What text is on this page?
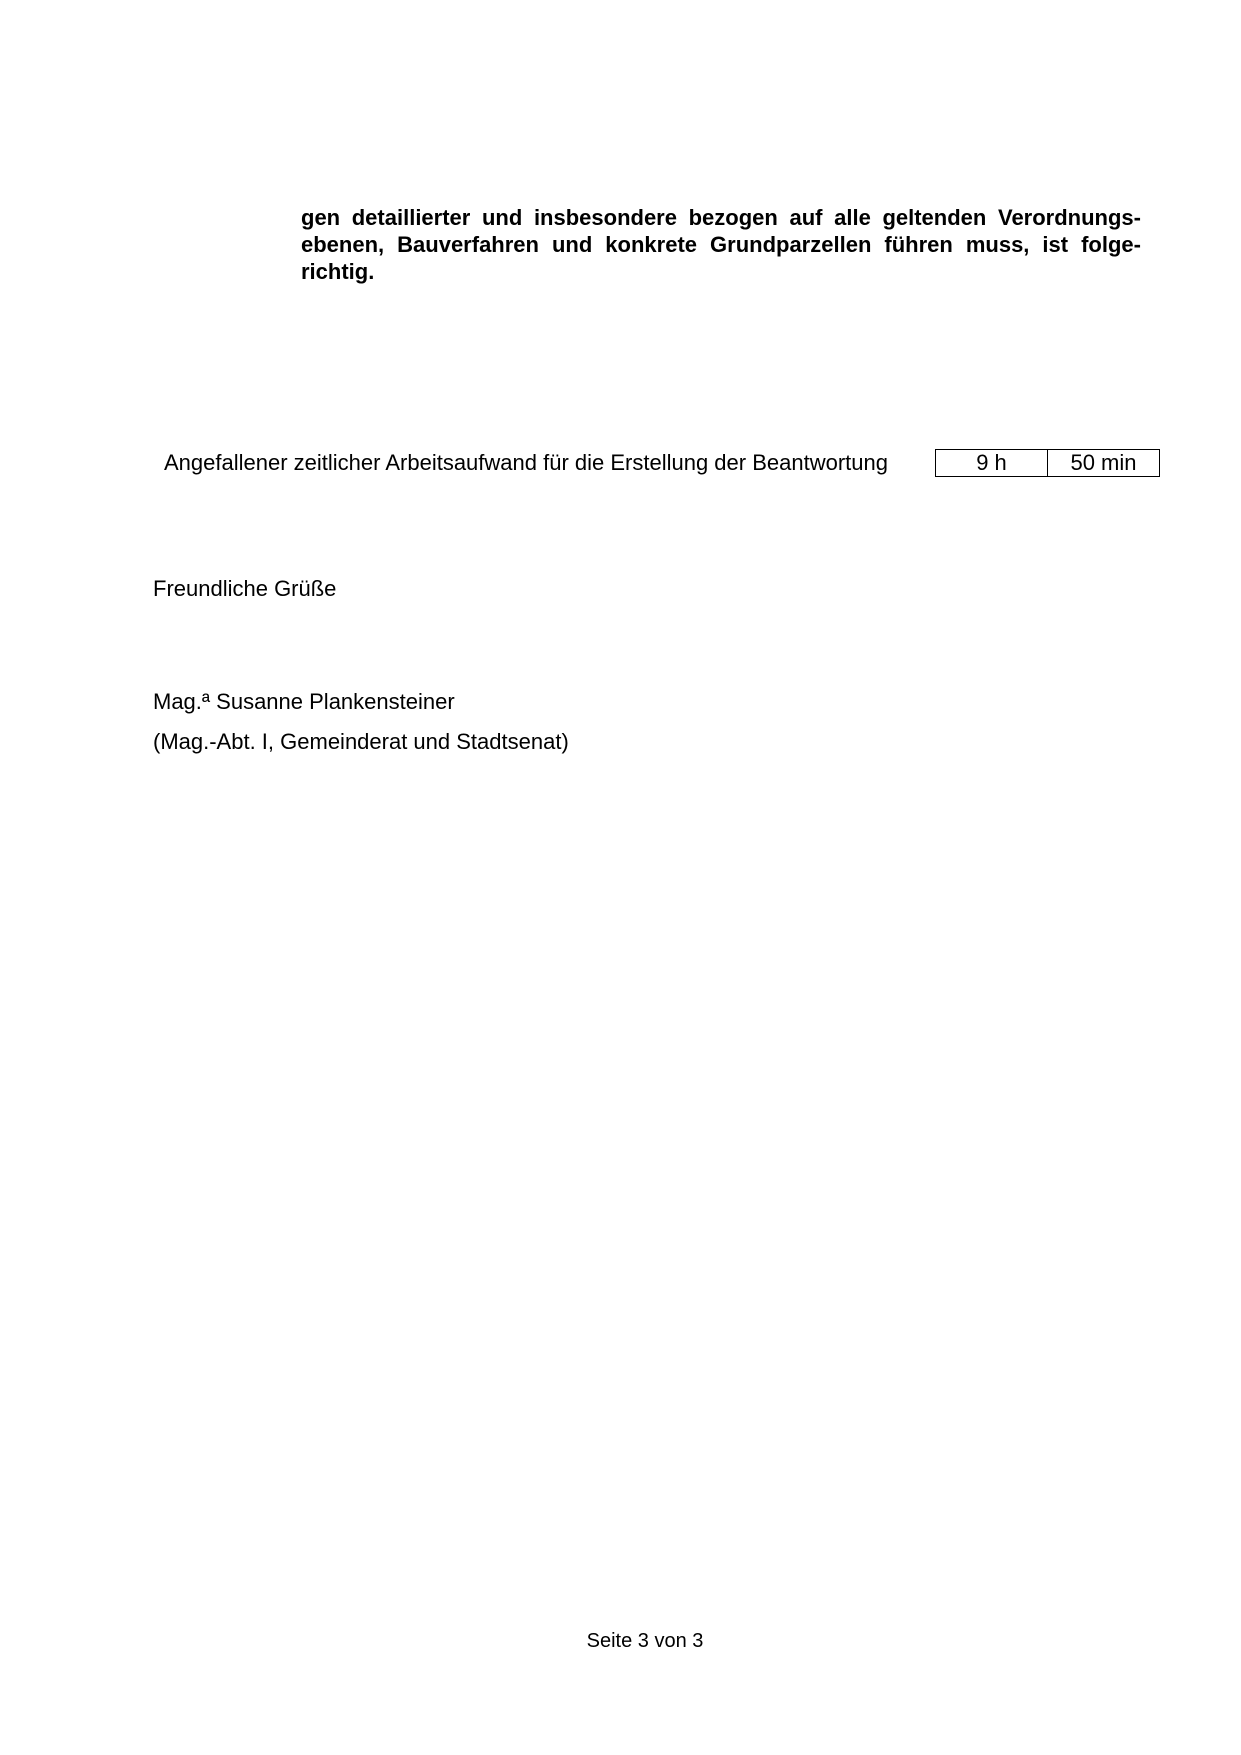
gen detaillierter und insbesondere bezogen auf alle geltenden Verordnungs-
ebenen, Bauverfahren und konkrete Grundparzellen führen muss, ist folge-
richtig.
Angefallener zeitlicher Arbeitsaufwand für die Erstellung der Beantwortung	9 h	50 min
Freundliche Grüße
Mag.ª Susanne Plankensteiner
(Mag.-Abt. I, Gemeinderat und Stadtsenat)
Seite 3 von 3
